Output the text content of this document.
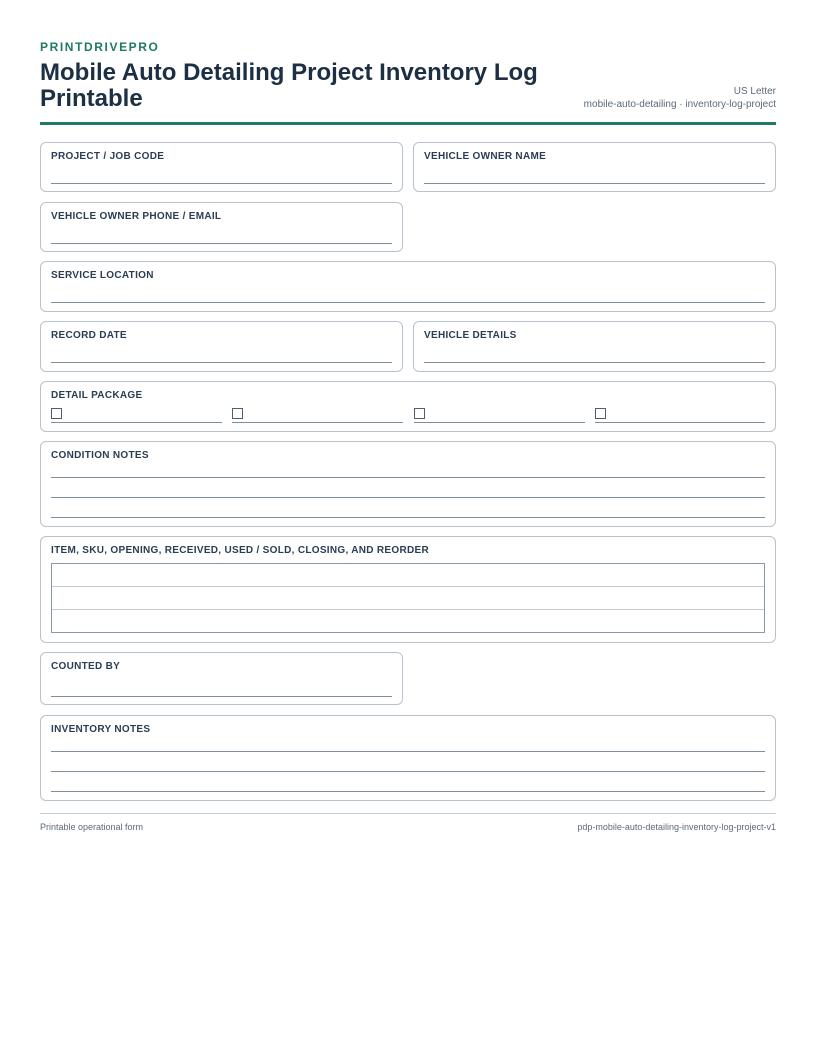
PRINTDRIVEPRO
Mobile Auto Detailing Project Inventory Log Printable	US Letter
mobile-auto-detailing · inventory-log-project
PROJECT / JOB CODE	VEHICLE OWNER NAME
VEHICLE OWNER PHONE / EMAIL
SERVICE LOCATION
RECORD DATE	VEHICLE DETAILS
DETAIL PACKAGE
CONDITION NOTES
ITEM, SKU, OPENING, RECEIVED, USED / SOLD, CLOSING, AND REORDER
COUNTED BY
INVENTORY NOTES
Printable operational form	pdp-mobile-auto-detailing-inventory-log-project-v1
